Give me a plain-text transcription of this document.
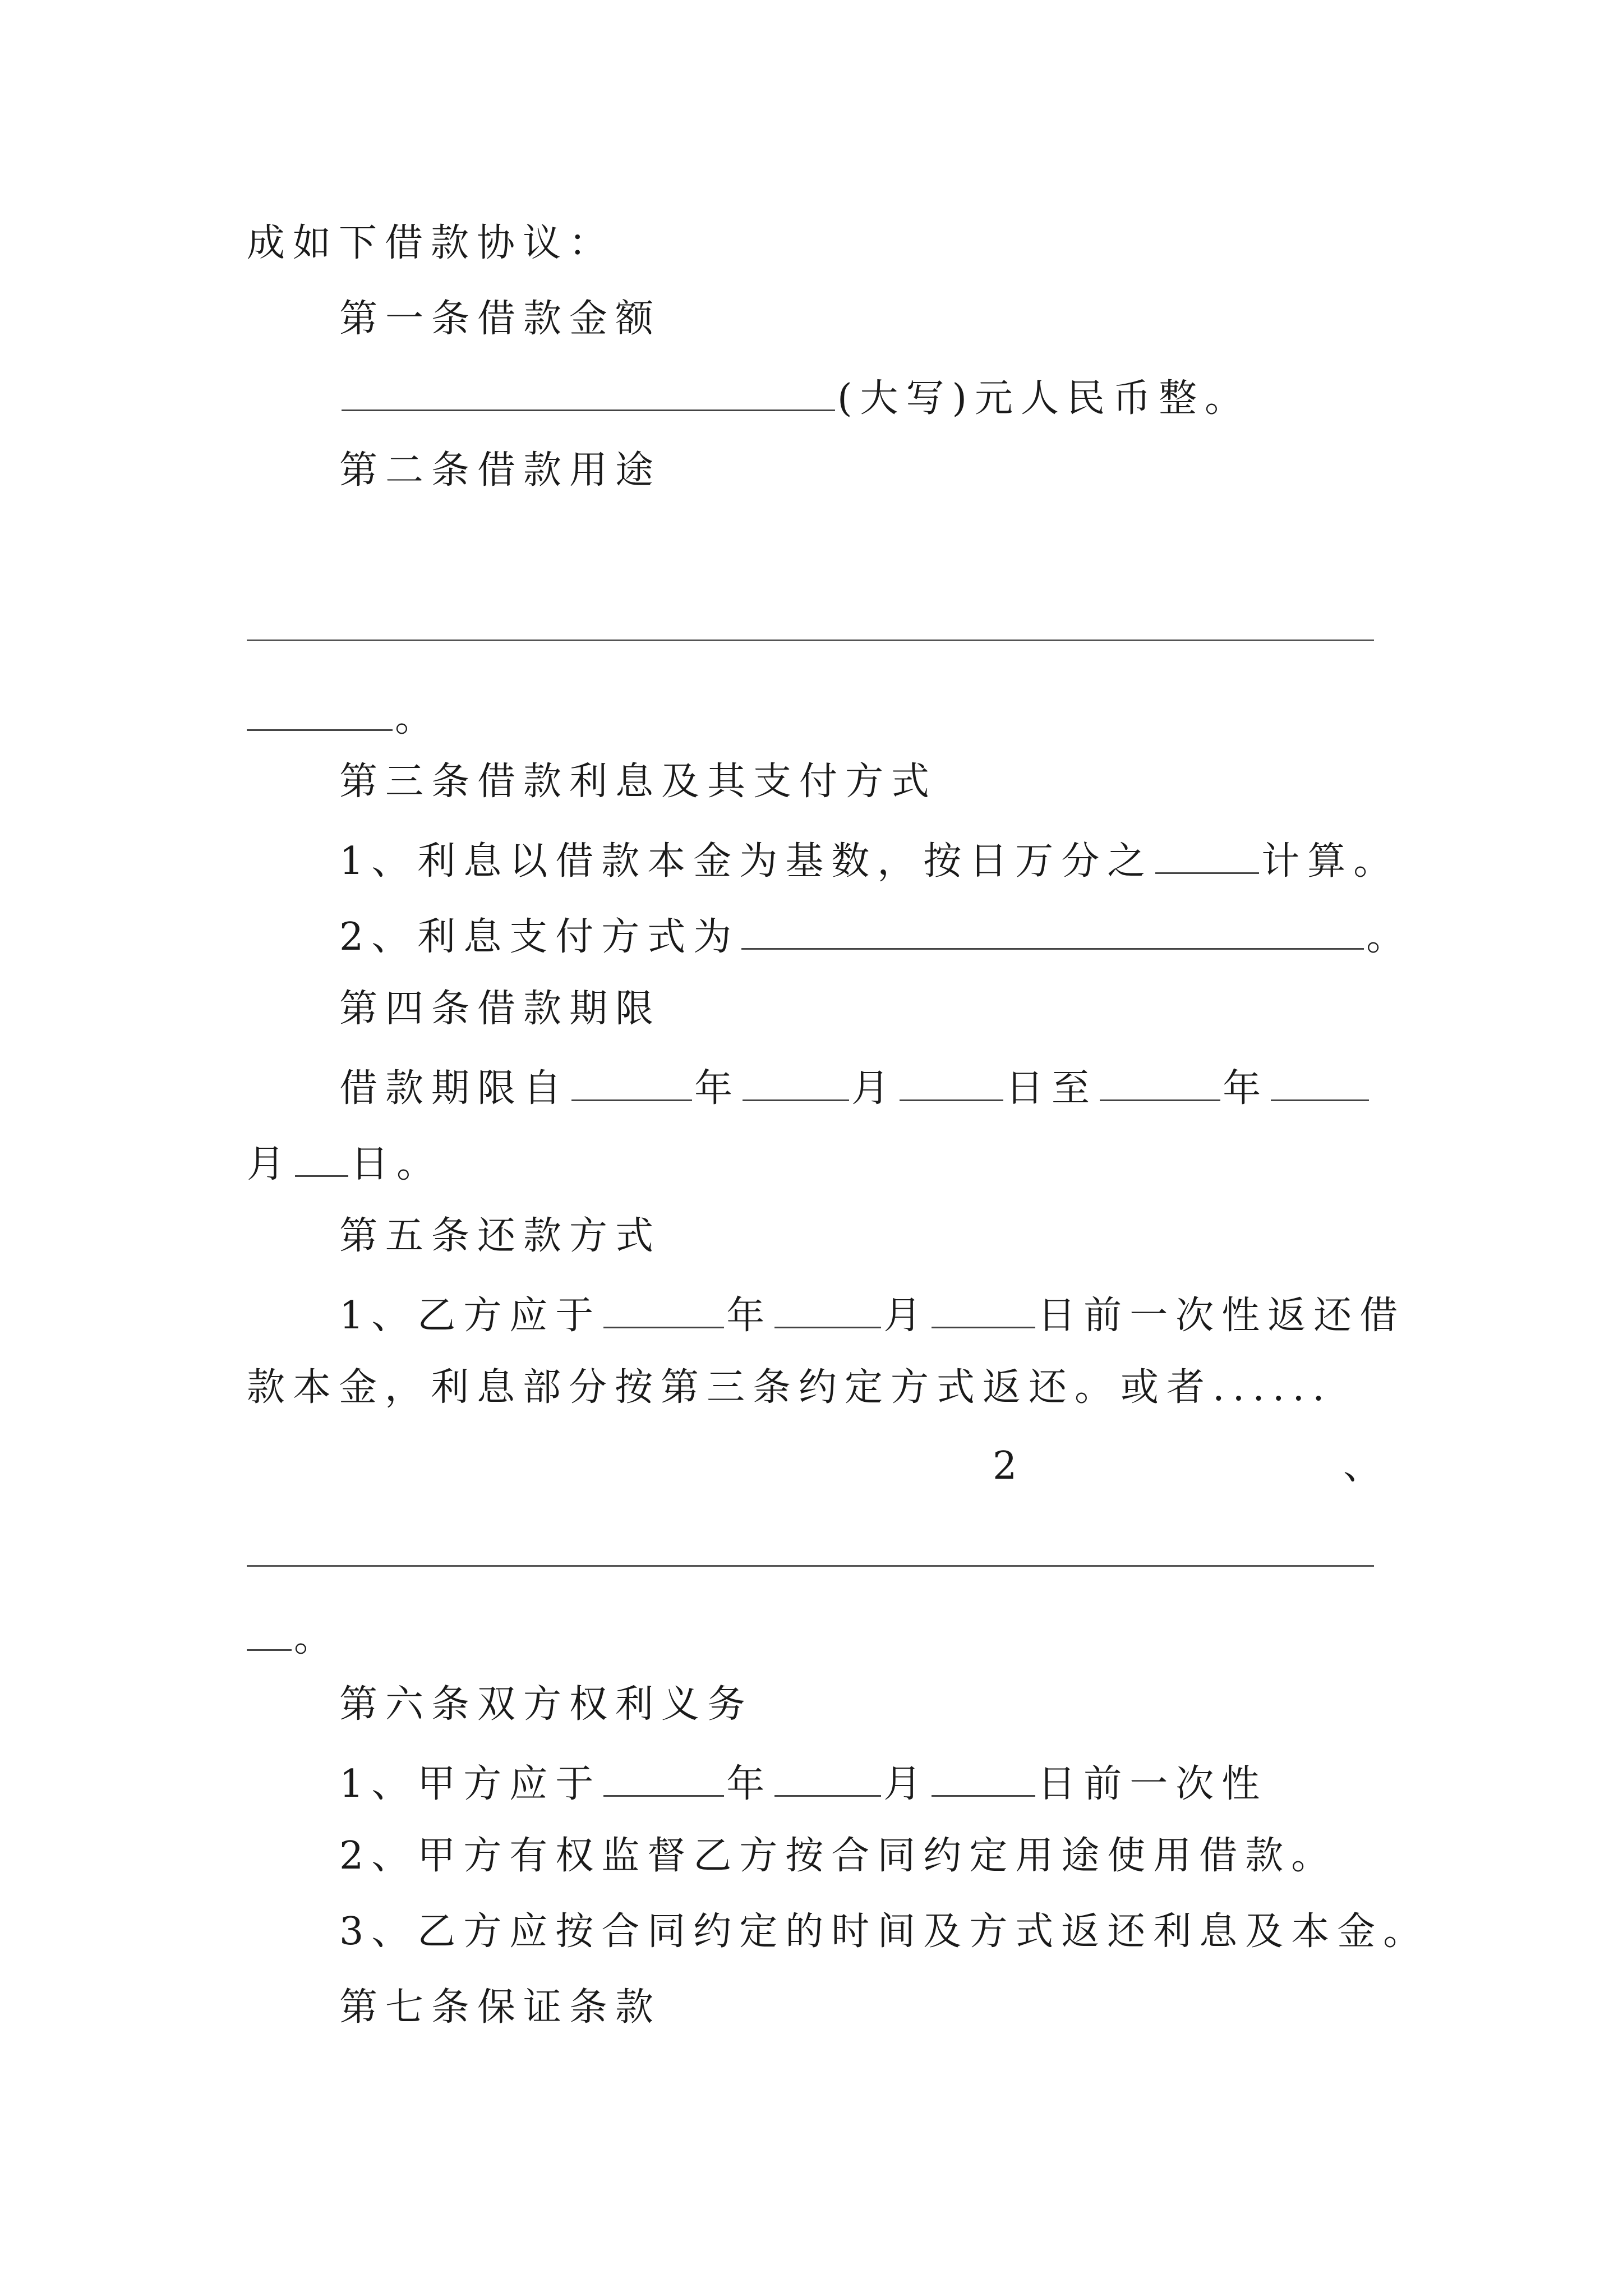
成如下借款协议：
第一条借款金额
(大写)元人民币整。
第二条借款用途
。
第三条借款利息及其支付方式
1、利息以借款本金为基数，按日万分之	计算。
2、利息支付方式为	。
第四条借款期限
借款期限自	年	月	日至	年
月 日。
第五条还款方式
1、乙方应于	年	月	日前一次性返还借
款本金，利息部分按第三条约定方式返还。或者......
2	、
。
第六条双方权利义务
1、甲方应于	年	月	日前一次性
2、甲方有权监督乙方按合同约定用途使用借款。
3、乙方应按合同约定的时间及方式返还利息及本金。
第七条保证条款
